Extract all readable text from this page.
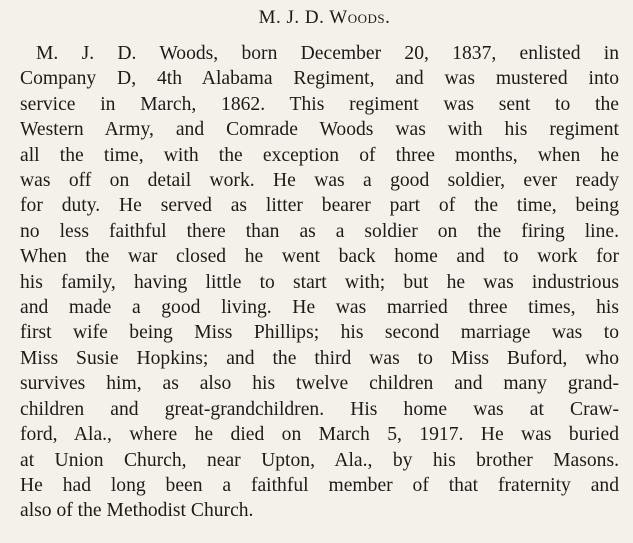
M. J. D. Woods.
M. J. D. Woods, born December 20, 1837, enlisted in
Company D, 4th Alabama Regiment, and was mustered into
service in March, 1862. This regiment was sent to the
Western Army, and Comrade Woods was with his regiment
all the time, with the exception of three months, when he
was off on detail work. He was a good soldier, ever ready
for duty. He served as litter bearer part of the time, being
no less faithful there than as a soldier on the firing line.
When the war closed he went back home and to work for
his family, having little to start with; but he was industrious
and made a good living. He was married three times, his
first wife being Miss Phillips; his second marriage was to
Miss Susie Hopkins; and the third was to Miss Buford, who
survives him, as also his twelve children and many grand-
children and great-grandchildren. His home was at Craw-
ford, Ala., where he died on March 5, 1917. He was buried
at Union Church, near Upton, Ala., by his brother Masons.
He had long been a faithful member of that fraternity and
also of the Methodist Church.
